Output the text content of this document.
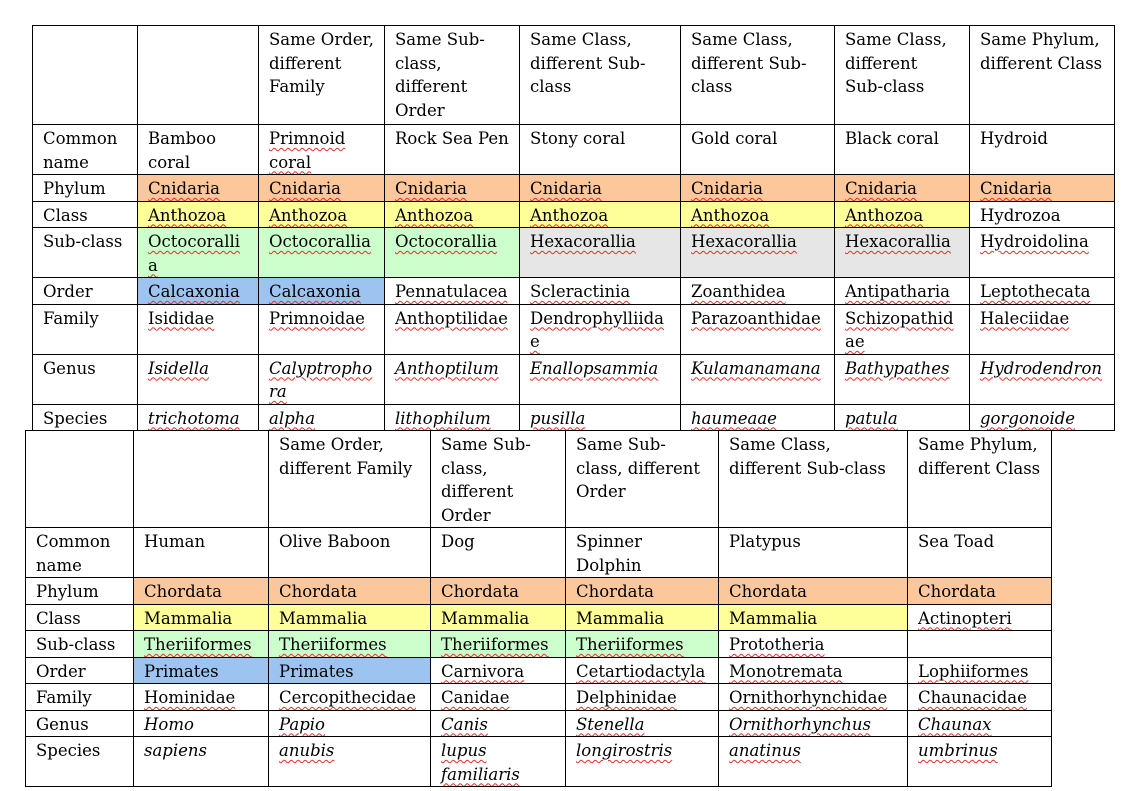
		Same Order, different Family	Same Sub-class, different Order	Same Class, different Sub-class	Same Class, different Sub-class	Same Class, different Sub-class	Same Phylum, different Class
Common name	Bamboo coral	Primnoid coral	Rock Sea Pen	Stony coral	Gold coral	Black coral	Hydroid
Phylum	Cnidaria	Cnidaria	Cnidaria	Cnidaria	Cnidaria	Cnidaria	Cnidaria
Class	Anthozoa	Anthozoa	Anthozoa	Anthozoa	Anthozoa	Anthozoa	Hydrozoa
Sub-class	Octocorallia	Octocorallia	Octocorallia	Hexacorallia	Hexacorallia	Hexacorallia	Hydroidolina
Order	Calcaxonia	Calcaxonia	Pennatulacea	Scleractinia	Zoanthidea	Antipatharia	Leptothecata
Family	Isididae	Primnoidae	Anthoptilidae	Dendrophylliidae	Parazoanthidae	Schizopathidae	Haleciidae
Genus	Isidella	Calyptrophora	Anthoptilum	Enallopsammia	Kulamanamana	Bathypathes	Hydrodendron
Species	trichotoma	alpha	lithophilum	pusilla	haumeaae	patula	gorgonoide
		Same Order, different Family	Same Sub-class, different Order	Same Sub-class, different Order	Same Class, different Sub-class	Same Phylum, different Class
Common name	Human	Olive Baboon	Dog	Spinner Dolphin	Platypus	Sea Toad
Phylum	Chordata	Chordata	Chordata	Chordata	Chordata	Chordata
Class	Mammalia	Mammalia	Mammalia	Mammalia	Mammalia	Actinopteri
Sub-class	Theriiformes	Theriiformes	Theriiformes	Theriiformes	Prototheria	
Order	Primates	Primates	Carnivora	Cetartiodactyla	Monotremata	Lophiiformes
Family	Hominidae	Cercopithecidae	Canidae	Delphinidae	Ornithorhynchidae	Chaunacidae
Genus	Homo	Papio	Canis	Stenella	Ornithorhynchus	Chaunax
Species	sapiens	anubis	lupus familiaris	longirostris	anatinus	umbrinus
